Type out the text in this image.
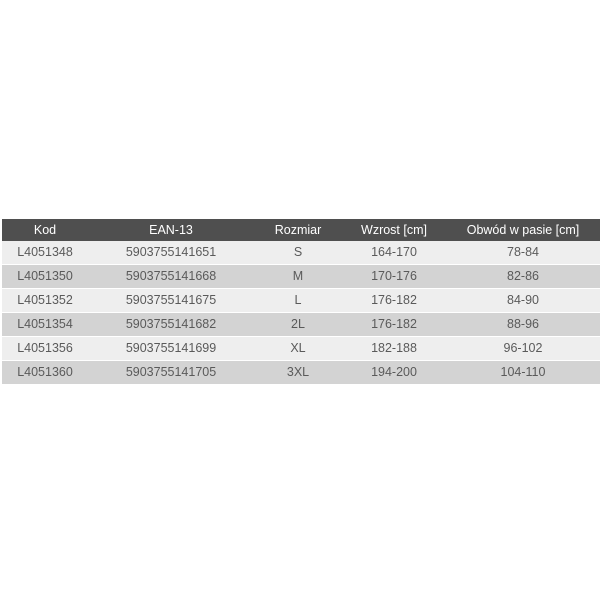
Kod	EAN-13	Rozmiar	Wzrost [cm]	Obwód w pasie [cm]
L4051348	5903755141651	S	164-170	78-84
L4051350	5903755141668	M	170-176	82-86
L4051352	5903755141675	L	176-182	84-90
L4051354	5903755141682	2L	176-182	88-96
L4051356	5903755141699	XL	182-188	96-102
L4051360	5903755141705	3XL	194-200	104-110
